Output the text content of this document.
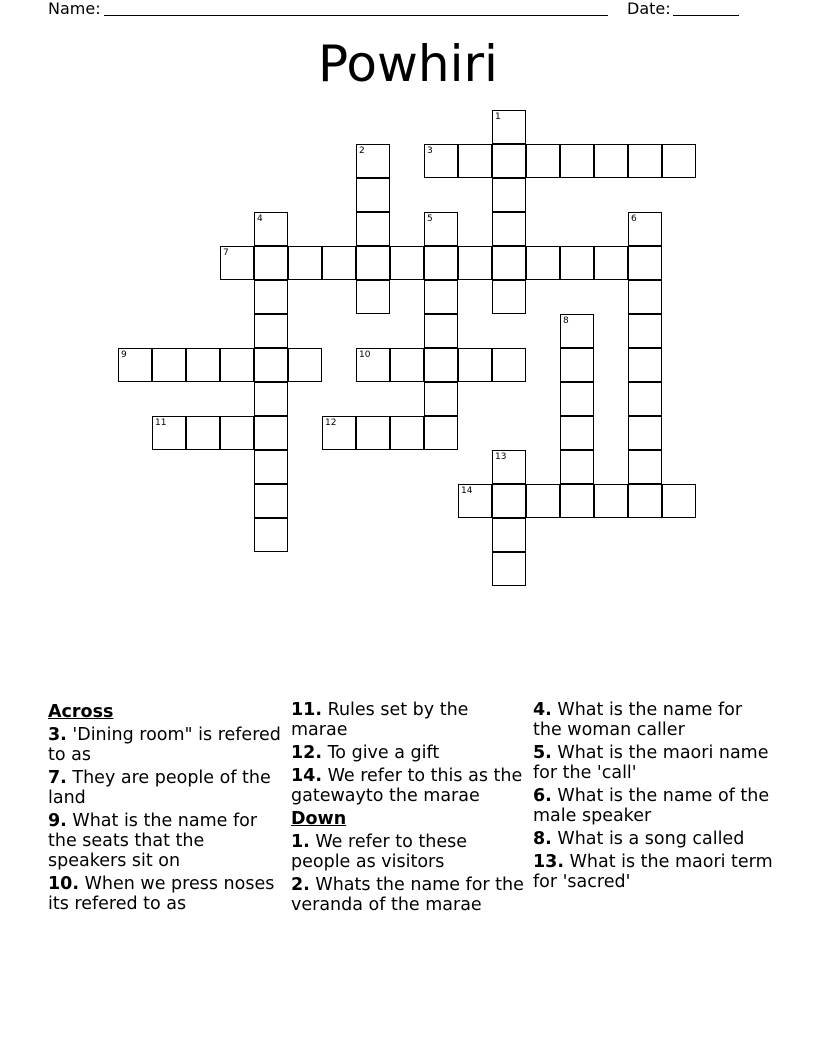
Name:	Date:
Powhiri
1
2	3
4	5	6
7
8
9	10
11	12
13
14
Across
3. 'Dining room" is refered to as
7. They are people of the land
9. What is the name for the seats that the speakers sit on
10. When we press noses its refered to as
11. Rules set by the marae
12. To give a gift
14. We refer to this as the gatewayto the marae
Down
1. We refer to these people as visitors
2. Whats the name for the veranda of the marae
4. What is the name for the woman caller
5. What is the maori name for the 'call'
6. What is the name of the male speaker
8. What is a song called
13. What is the maori term for 'sacred'
